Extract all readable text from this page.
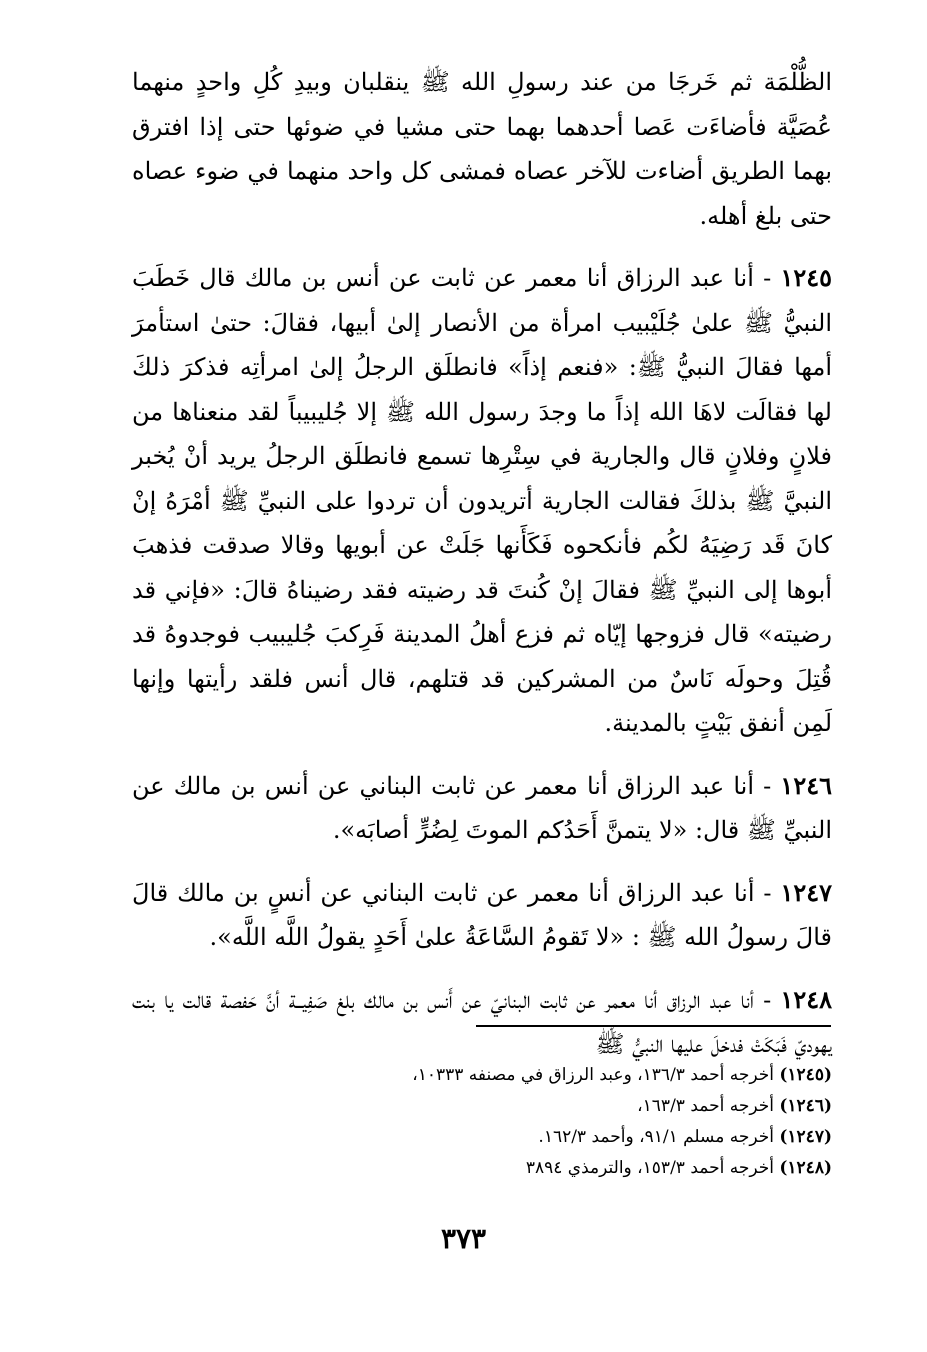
الظُّلْمَة ثم خَرجَا من عند رسولِ الله ﷺ ينقلبان وبيدِ كُلِ واحدٍ منهما عُصَيَّة فأضاءَت عَصا أحدهما بهما حتى مشيا في ضوئها حتى إذا افترق بهما الطريق أضاءت للآخر عصاه فمشى كل واحد منهما في ضوء عصاه حتى بلغ أهله.

١٢٤٥ - أنا عبد الرزاق أنا معمر عن ثابت عن أنس بن مالك قال خَطَبَ النبيُّ ﷺ علىٰ جُلَيْبيب امرأة من الأنصار إلىٰ أبيها، فقالَ: حتىٰ استأمرَ أمها فقالَ النبيُّ ﷺ: «فنعم إذاً» فانطلَق الرجلُ إلىٰ امرأتِه فذكرَ ذلكَ لها فقالَت لاهَا الله إذاً ما وجدَ رسول الله ﷺ إلا جُليبيباً لقد منعناها من فلانٍ وفلانٍ قال والجارية في سِتْرِها تسمع فانطلَق الرجلُ يريد أنْ يُخبر النبيَّ ﷺ بذلكَ فقالت الجارية أتريدون أن تردوا على النبيِّ ﷺ أمْرَهُ إنْ كانَ قَد رَضِيَهُ لكُم فأنكحوه فَكَأَنها جَلَتْ عن أبويها وقالا صدقت فذهبَ أبوها إلى النبيِّ ﷺ فقالَ إنْ كُنتَ قد رضيته فقد رضيناهُ قالَ: «فإني قد رضيته» قال فزوجها إيّاه ثم فزع أهلُ المدينة فَرِكبَ جُليبيب فوجدوهُ قد قُتِلَ وحولَه نَاسٌ من المشركين قد قتلهم، قال أنس فلقد رأيتها وإنها لَمِن أنفق بَيْتٍ بالمدينة.

١٢٤٦ - أنا عبد الرزاق أنا معمر عن ثابت البناني عن أنس بن مالك عن النبيِّ ﷺ قال: «لا يتمنَّ أَحَدُكم الموتَ لِضُرٍّ أصابَه».

١٢٤٧ - أنا عبد الرزاق أنا معمر عن ثابت البناني عن أنسٍ بن مالك قالَ قالَ رسولُ الله ﷺ : «لا تَقومُ السَّاعَةُ علىٰ أَحَدٍ يقولُ اللَّه اللَّه».

١٢٤٨ - أنا عبد الرزاق أنا معمر عن ثابت البنانيّ عن أَنس بن مالك بلغ صَفِيــة أنَّ حَفصة قالت يا بنت يهوديّ فَبَكَتْ فدخلَ عليها النبيُّ ﷺ

(١٢٤٥) أخرجه أحمد ١٣٦/٣، وعبد الرزاق في مصنفه ١٠٣٣٣،
(١٢٤٦) أخرجه أحمد ١٦٣/٣،
(١٢٤٧) أخرجه مسلم ٩١/١، وأحمد ١٦٢/٣.
(١٢٤٨) أخرجه أحمد ١٥٣/٣، والترمذي ٣٨٩٤
٣٧٣
